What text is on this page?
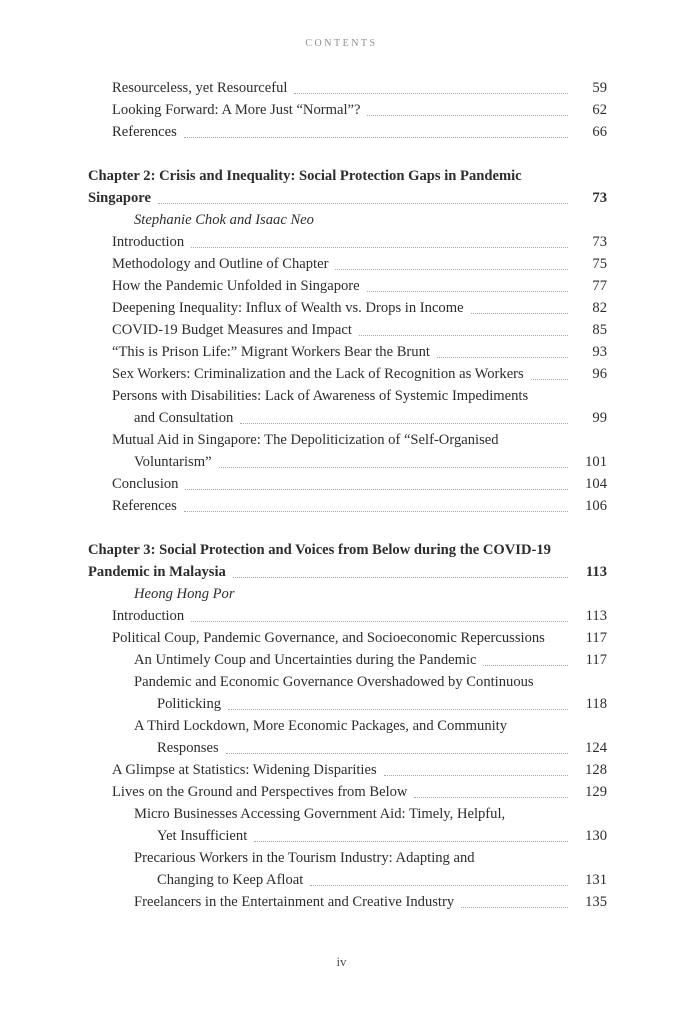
CONTENTS
Resourceless, yet Resourceful	59
Looking Forward: A More Just “Normal”?	62
References	66
Chapter 2: Crisis and Inequality: Social Protection Gaps in Pandemic
Singapore	73
Stephanie Chok and Isaac Neo
Introduction	73
Methodology and Outline of Chapter	75
How the Pandemic Unfolded in Singapore	77
Deepening Inequality: Influx of Wealth vs. Drops in Income	82
COVID-19 Budget Measures and Impact	85
“This is Prison Life:” Migrant Workers Bear the Brunt	93
Sex Workers: Criminalization and the Lack of Recognition as Workers	96
Persons with Disabilities: Lack of Awareness of Systemic Impediments
and Consultation	99
Mutual Aid in Singapore: The Depoliticization of “Self-Organised
Voluntarism”	101
Conclusion	104
References	106
Chapter 3: Social Protection and Voices from Below during the COVID-19
Pandemic in Malaysia	113
Heong Hong Por
Introduction	113
Political Coup, Pandemic Governance, and Socioeconomic Repercussions	117
An Untimely Coup and Uncertainties during the Pandemic	117
Pandemic and Economic Governance Overshadowed by Continuous
Politicking	118
A Third Lockdown, More Economic Packages, and Community
Responses	124
A Glimpse at Statistics: Widening Disparities	128
Lives on the Ground and Perspectives from Below	129
Micro Businesses Accessing Government Aid: Timely, Helpful,
Yet Insufficient	130
Precarious Workers in the Tourism Industry: Adapting and
Changing to Keep Afloat	131
Freelancers in the Entertainment and Creative Industry	135
iv
